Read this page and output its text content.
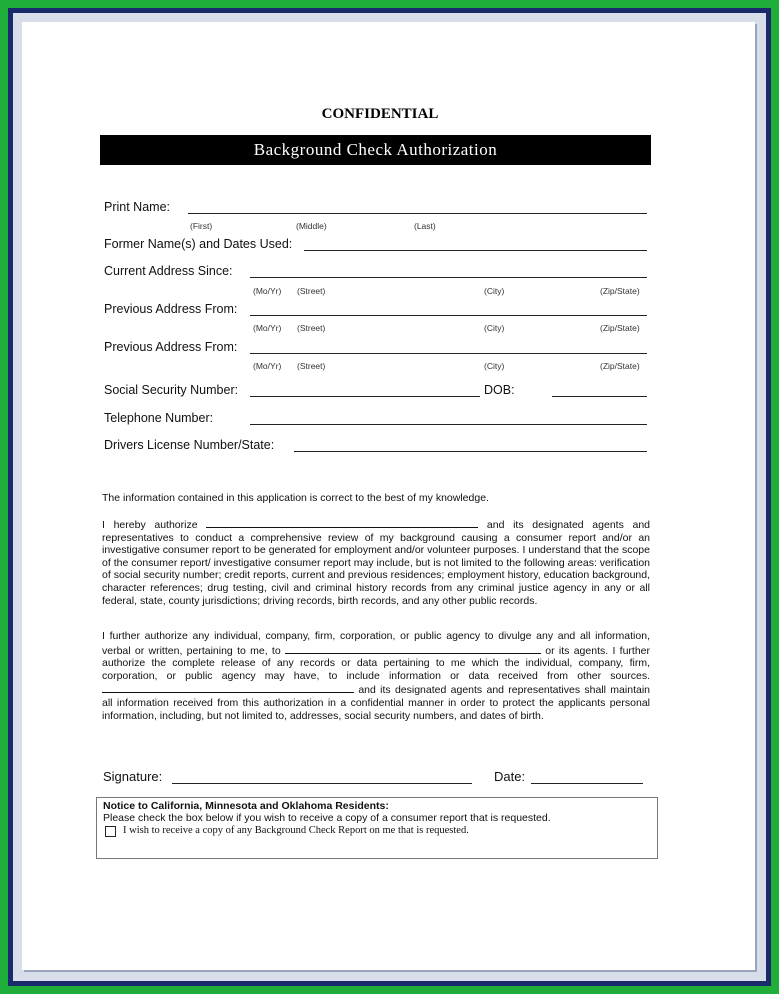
CONFIDENTIAL
Background Check Authorization
Print Name:
(First)	(Middle)	(Last)
Former Name(s) and Dates Used:
Current Address Since:
(Mo/Yr) (Street)	(City)	(Zip/State)
Previous Address From:
(Mo/Yr) (Street)	(City)	(Zip/State)
Previous Address From:
(Mo/Yr) (Street)	(City)	(Zip/State)
Social Security Number:	DOB:
Telephone Number:
Drivers License Number/State:
The information contained in this application is correct to the best of my knowledge.

I hereby authorize	and its designated agents and representatives to conduct a comprehensive review of my background causing a consumer report and/or an investigative consumer report to be generated for employment and/or volunteer purposes. I understand that the scope of the consumer report/ investigative consumer report may include, but is not limited to the following areas: verification of social security number; credit reports, current and previous residences; employment history, education background, character references; drug testing, civil and criminal history records from any criminal justice agency in any or all federal, state, county jurisdictions; driving records, birth records, and any other public records.

I further authorize any individual, company, firm, corporation, or public agency to divulge any and all information, verbal or written, pertaining to me, to	or its agents. I further authorize the complete release of any records or data pertaining to me which the individual, company, firm, corporation, or public agency may have, to include information or data received from other sources.  and its designated agents and representatives shall maintain all information received from this authorization in a confidential manner in order to protect the applicants personal information, including, but not limited to, addresses, social security numbers, and dates of birth.

Signature:	Date:
Notice to California, Minnesota and Oklahoma Residents:
Please check the box below if you wish to receive a copy of a consumer report that is requested.
I wish to receive a copy of any Background Check Report on me that is requested.
